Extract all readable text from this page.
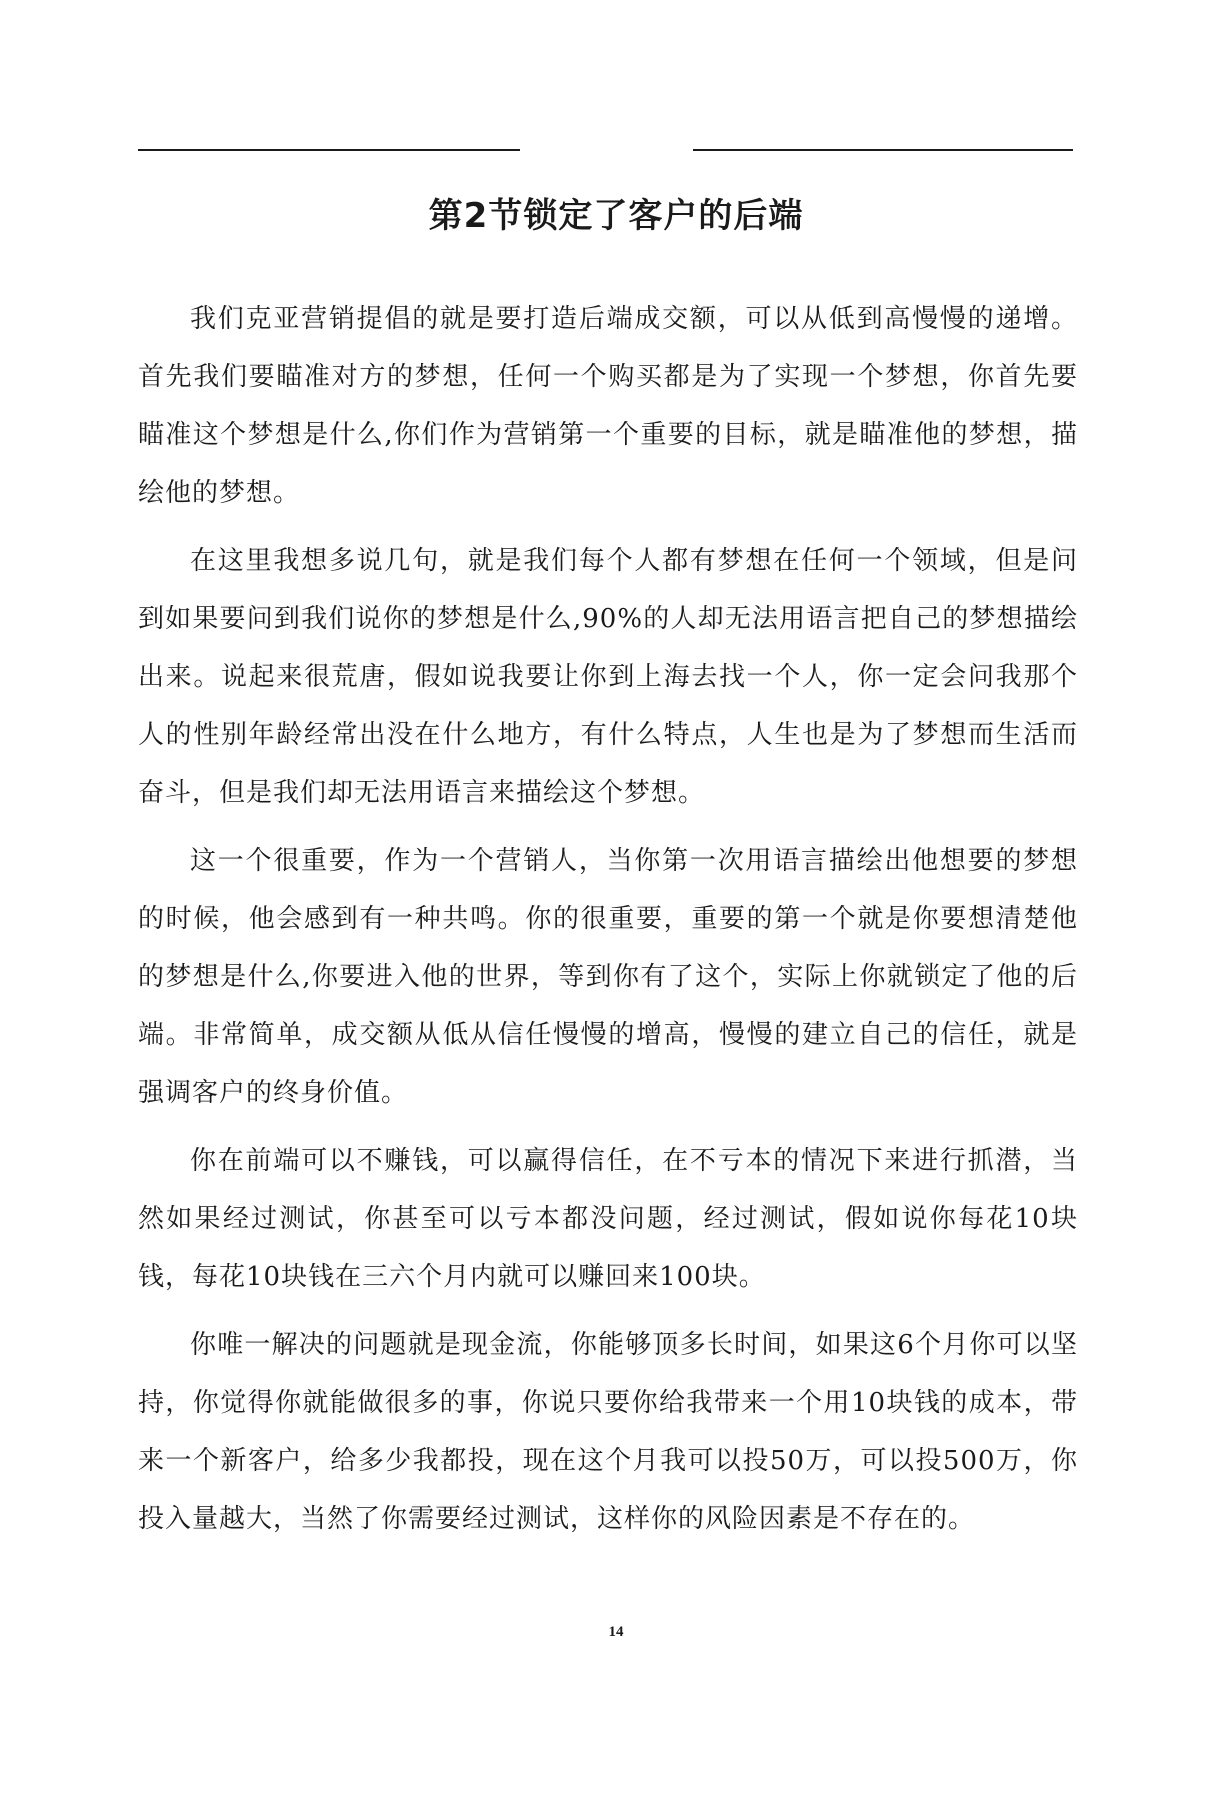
第2节锁定了客户的后端

我们克亚营销提倡的就是要打造后端成交额，可以从低到高慢慢的递增。首先我们要瞄准对方的梦想，任何一个购买都是为了实现一个梦想，你首先要瞄准这个梦想是什么,你们作为营销第一个重要的目标，就是瞄准他的梦想，描绘他的梦想。

在这里我想多说几句，就是我们每个人都有梦想在任何一个领域，但是问到如果要问到我们说你的梦想是什么,90%的人却无法用语言把自己的梦想描绘出来。说起来很荒唐，假如说我要让你到上海去找一个人，你一定会问我那个人的性别年龄经常出没在什么地方，有什么特点，人生也是为了梦想而生活而奋斗，但是我们却无法用语言来描绘这个梦想。

这一个很重要，作为一个营销人，当你第一次用语言描绘出他想要的梦想的时候，他会感到有一种共鸣。你的很重要，重要的第一个就是你要想清楚他的梦想是什么,你要进入他的世界，等到你有了这个，实际上你就锁定了他的后端。非常简单，成交额从低从信任慢慢的增高，慢慢的建立自己的信任，就是强调客户的终身价值。

你在前端可以不赚钱，可以赢得信任，在不亏本的情况下来进行抓潜，当然如果经过测试，你甚至可以亏本都没问题，经过测试，假如说你每花10块钱，每花10块钱在三六个月内就可以赚回来100块。

你唯一解决的问题就是现金流，你能够顶多长时间，如果这6个月你可以坚持，你觉得你就能做很多的事，你说只要你给我带来一个用10块钱的成本，带来一个新客户，给多少我都投，现在这个月我可以投50万，可以投500万，你投入量越大，当然了你需要经过测试，这样你的风险因素是不存在的。

14
